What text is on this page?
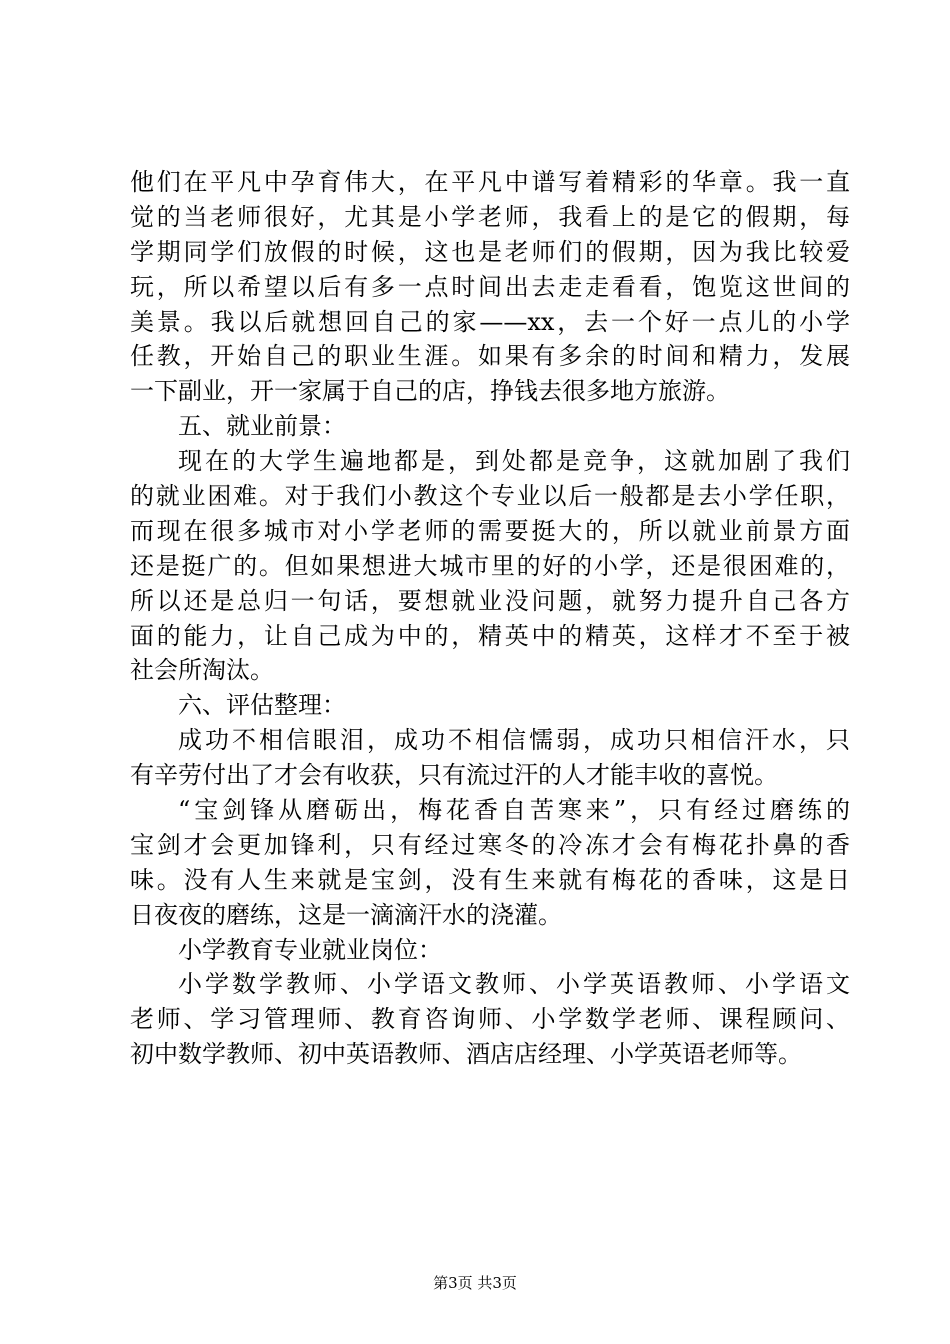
他们在平凡中孕育伟大，在平凡中谱写着精彩的华章。我一直
觉的当老师很好，尤其是小学老师，我看上的是它的假期，每
学期同学们放假的时候，这也是老师们的假期，因为我比较爱
玩，所以希望以后有多一点时间出去走走看看，饱览这世间的
美景。我以后就想回自己的家——xx，去一个好一点儿的小学
任教，开始自己的职业生涯。如果有多余的时间和精力，发展
一下副业，开一家属于自己的店，挣钱去很多地方旅游。
五、就业前景：
现在的大学生遍地都是，到处都是竞争，这就加剧了我们
的就业困难。对于我们小教这个专业以后一般都是去小学任职，
而现在很多城市对小学老师的需要挺大的，所以就业前景方面
还是挺广的。但如果想进大城市里的好的小学，还是很困难的，
所以还是总归一句话，要想就业没问题，就努力提升自己各方
面的能力，让自己成为中的，精英中的精英，这样才不至于被
社会所淘汰。
六、评估整理：
成功不相信眼泪，成功不相信懦弱，成功只相信汗水，只
有辛劳付出了才会有收获，只有流过汗的人才能丰收的喜悦。
“宝剑锋从磨砺出，梅花香自苦寒来”，只有经过磨练的
宝剑才会更加锋利，只有经过寒冬的冷冻才会有梅花扑鼻的香
味。没有人生来就是宝剑，没有生来就有梅花的香味，这是日
日夜夜的磨练，这是一滴滴汗水的浇灌。
小学教育专业就业岗位：
小学数学教师、小学语文教师、小学英语教师、小学语文
老师、学习管理师、教育咨询师、小学数学老师、课程顾问、
初中数学教师、初中英语教师、酒店店经理、小学英语老师等。
第3页 共3页
